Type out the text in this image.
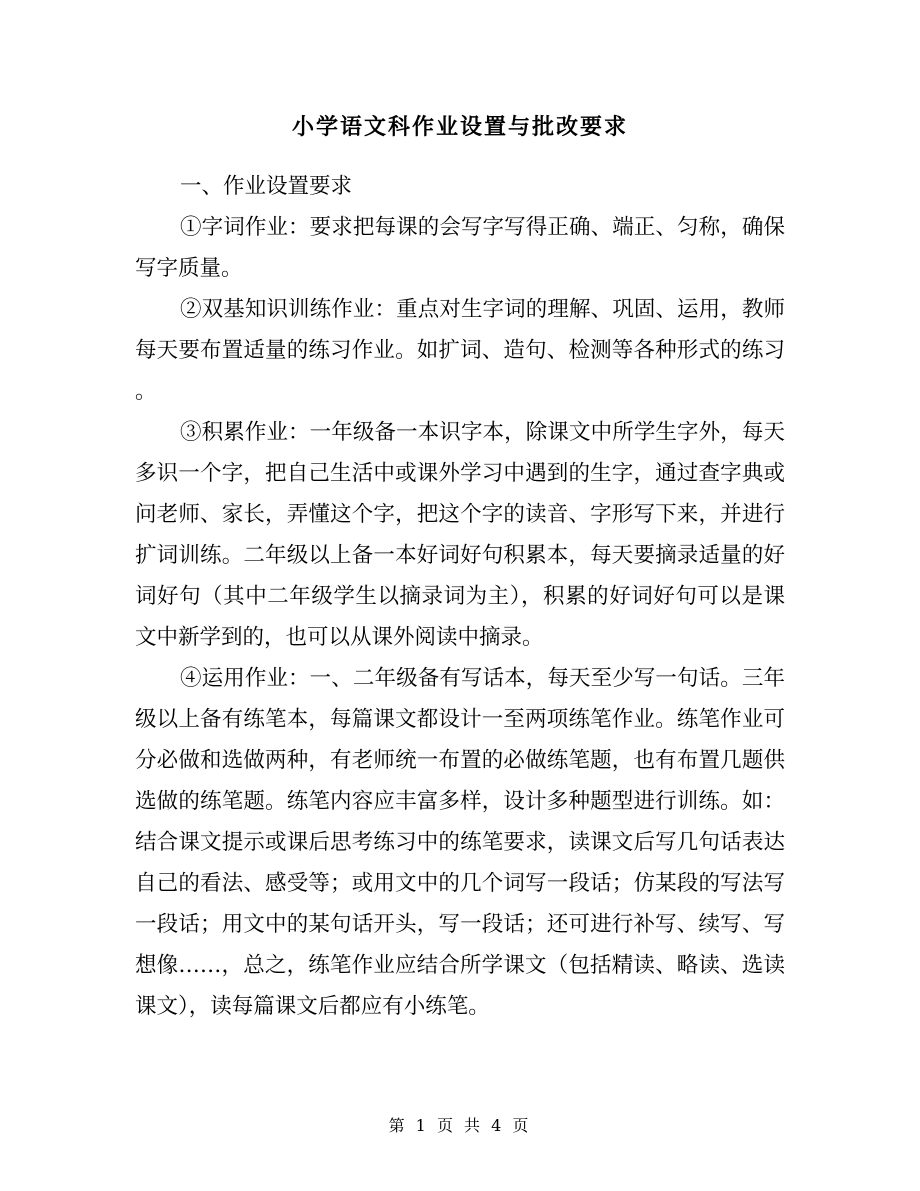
小学语文科作业设置与批改要求
一、作业设置要求
①字词作业：要求把每课的会写字写得正确、端正、匀称，确保
写字质量。
②双基知识训练作业：重点对生字词的理解、巩固、运用，教师
每天要布置适量的练习作业。如扩词、造句、检测等各种形式的练习
。
③积累作业：一年级备一本识字本，除课文中所学生字外，每天
多识一个字，把自己生活中或课外学习中遇到的生字，通过查字典或
问老师、家长，弄懂这个字，把这个字的读音、字形写下来，并进行
扩词训练。二年级以上备一本好词好句积累本，每天要摘录适量的好
词好句（其中二年级学生以摘录词为主），积累的好词好句可以是课
文中新学到的，也可以从课外阅读中摘录。
④运用作业：一、二年级备有写话本，每天至少写一句话。三年
级以上备有练笔本，每篇课文都设计一至两项练笔作业。练笔作业可
分必做和选做两种，有老师统一布置的必做练笔题，也有布置几题供
选做的练笔题。练笔内容应丰富多样，设计多种题型进行训练。如：
结合课文提示或课后思考练习中的练笔要求，读课文后写几句话表达
自己的看法、感受等；或用文中的几个词写一段话；仿某段的写法写
一段话；用文中的某句话开头，写一段话；还可进行补写、续写、写
想像……，总之，练笔作业应结合所学课文（包括精读、略读、选读
课文），读每篇课文后都应有小练笔。
第 1 页 共 4 页
